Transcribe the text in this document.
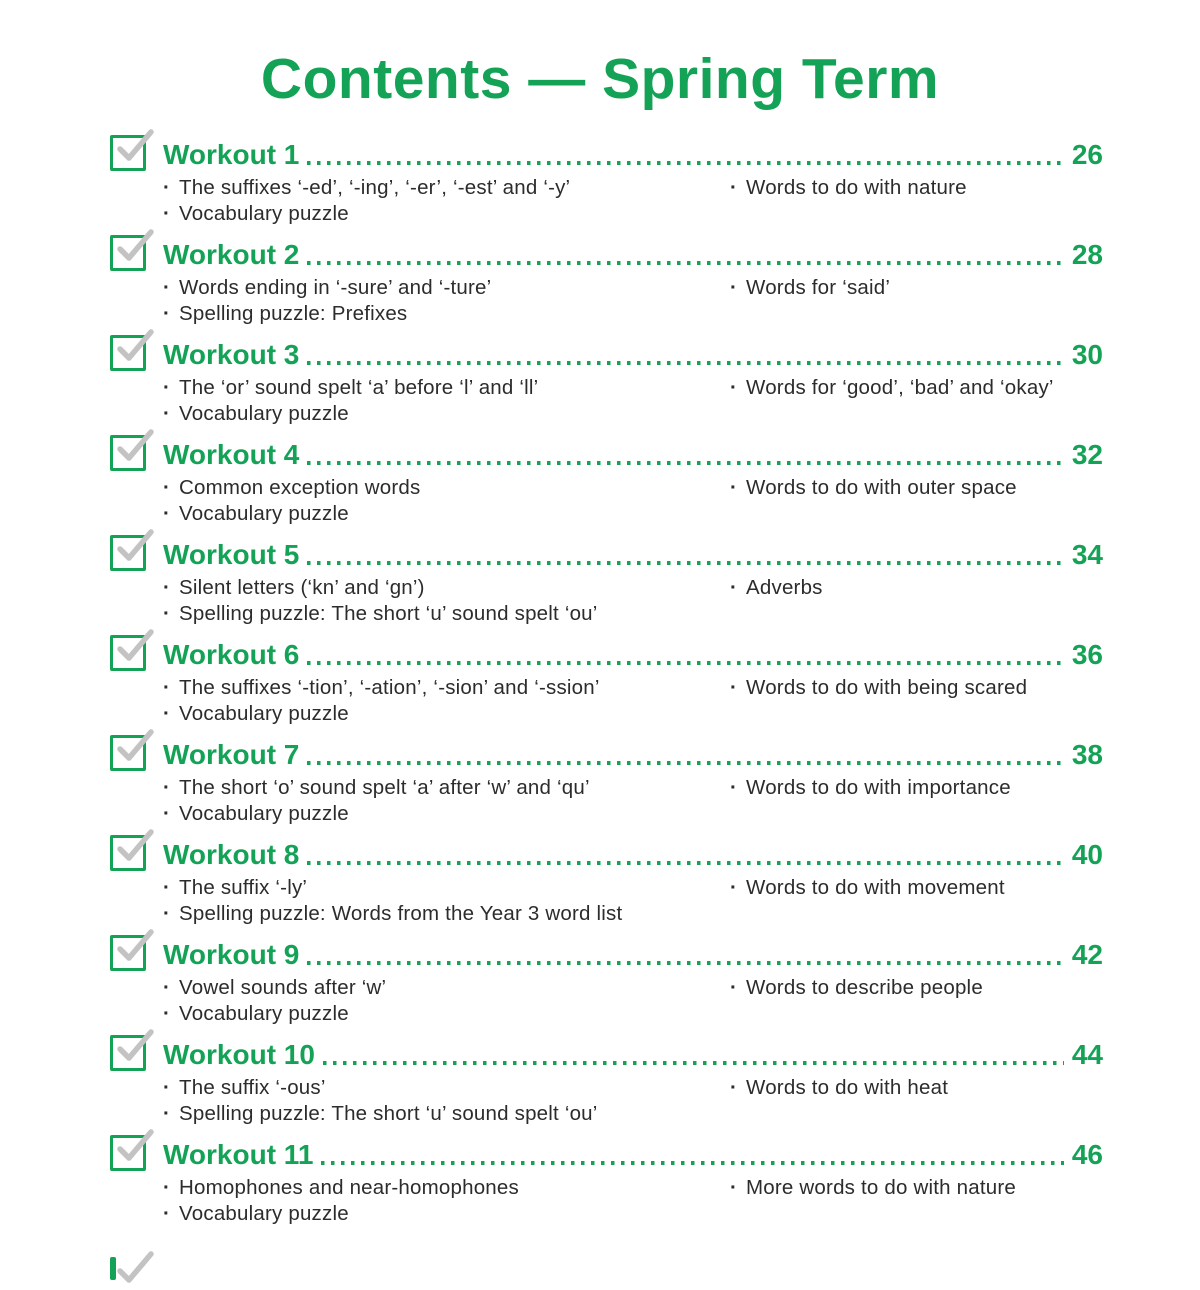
Contents — Spring Term
Workout 1	26
· The suffixes ‘-ed’, ‘-ing’, ‘-er’, ‘-est’ and ‘-y’
· Vocabulary puzzle
· Words to do with nature
Workout 2	28
· Words ending in ‘-sure’ and ‘-ture’
· Spelling puzzle: Prefixes
· Words for ‘said’
Workout 3	30
· The ‘or’ sound spelt ‘a’ before ‘l’ and ‘ll’
· Vocabulary puzzle
· Words for ‘good’, ‘bad’ and ‘okay’
Workout 4	32
· Common exception words
· Vocabulary puzzle
· Words to do with outer space
Workout 5	34
· Silent letters (‘kn’ and ‘gn’)
· Spelling puzzle: The short ‘u’ sound spelt ‘ou’
· Adverbs
Workout 6	36
· The suffixes ‘-tion’, ‘-ation’, ‘-sion’ and ‘-ssion’
· Vocabulary puzzle
· Words to do with being scared
Workout 7	38
· The short ‘o’ sound spelt ‘a’ after ‘w’ and ‘qu’
· Vocabulary puzzle
· Words to do with importance
Workout 8	40
· The suffix ‘-ly’
· Spelling puzzle: Words from the Year 3 word list
· Words to do with movement
Workout 9	42
· Vowel sounds after ‘w’
· Vocabulary puzzle
· Words to describe people
Workout 10	44
· The suffix ‘-ous’
· Spelling puzzle: The short ‘u’ sound spelt ‘ou’
· Words to do with heat
Workout 11	46
· Homophones and near-homophones
· Vocabulary puzzle
· More words to do with nature
